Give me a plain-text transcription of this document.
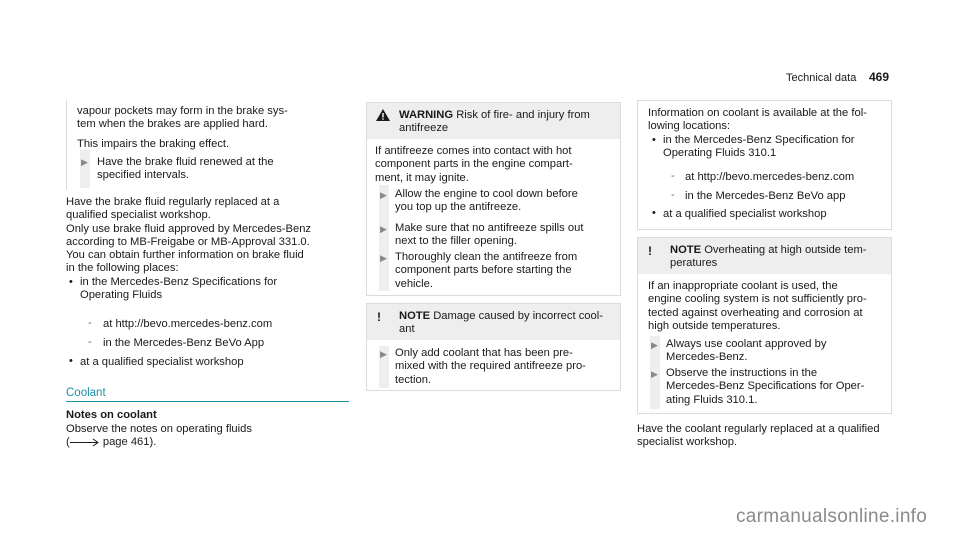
Technical data 469

vapour pockets may form in the brake sys-

tem when the brakes are applied hard.

This impairs the braking effect.

▶ Have the brake fluid renewed at the

specified intervals.

Have the brake fluid regularly replaced at a

qualified specialist workshop.

Only use brake fluid approved by Mercedes-Benz

according to MB-Freigabe or MB-Approval 331.0.

You can obtain further information on brake fluid

in the following places:

• in the Mercedes-Benz Specifications for

Operating Fluids

- at http://bevo.mercedes-benz.com

- in the Mercedes-Benz BeVo App

• at a qualified specialist workshop

Coolant

Notes on coolant

Observe the notes on operating fluids

(	page 461).

WARNING Risk of fire- and injury from

antifreeze

If antifreeze comes into contact with hot

component parts in the engine compart-

ment, it may ignite.

▶ Allow the engine to cool down before

you top up the antifreeze.

▶ Make sure that no antifreeze spills out

next to the filler opening.

▶ Thoroughly clean the antifreeze from

component parts before starting the

vehicle.

! NOTE Damage caused by incorrect cool-

ant

▶ Only add coolant that has been pre-

mixed with the required antifreeze pro-

tection.

Information on coolant is available at the fol-

lowing locations:

• in the Mercedes-Benz Specification for

Operating Fluids 310.1

- at http://bevo.mercedes-benz.com

- in the Mercedes-Benz BeVo app

• at a qualified specialist workshop

! NOTE Overheating at high outside tem-

peratures

If an inappropriate coolant is used, the

engine cooling system is not sufficiently pro-

tected against overheating and corrosion at

high outside temperatures.

▶ Always use coolant approved by

Mercedes-Benz.

▶ Observe the instructions in the

Mercedes-Benz Specifications for Oper-

ating Fluids 310.1.

Have the coolant regularly replaced at a qualified

specialist workshop.

carmanualsonline.info
